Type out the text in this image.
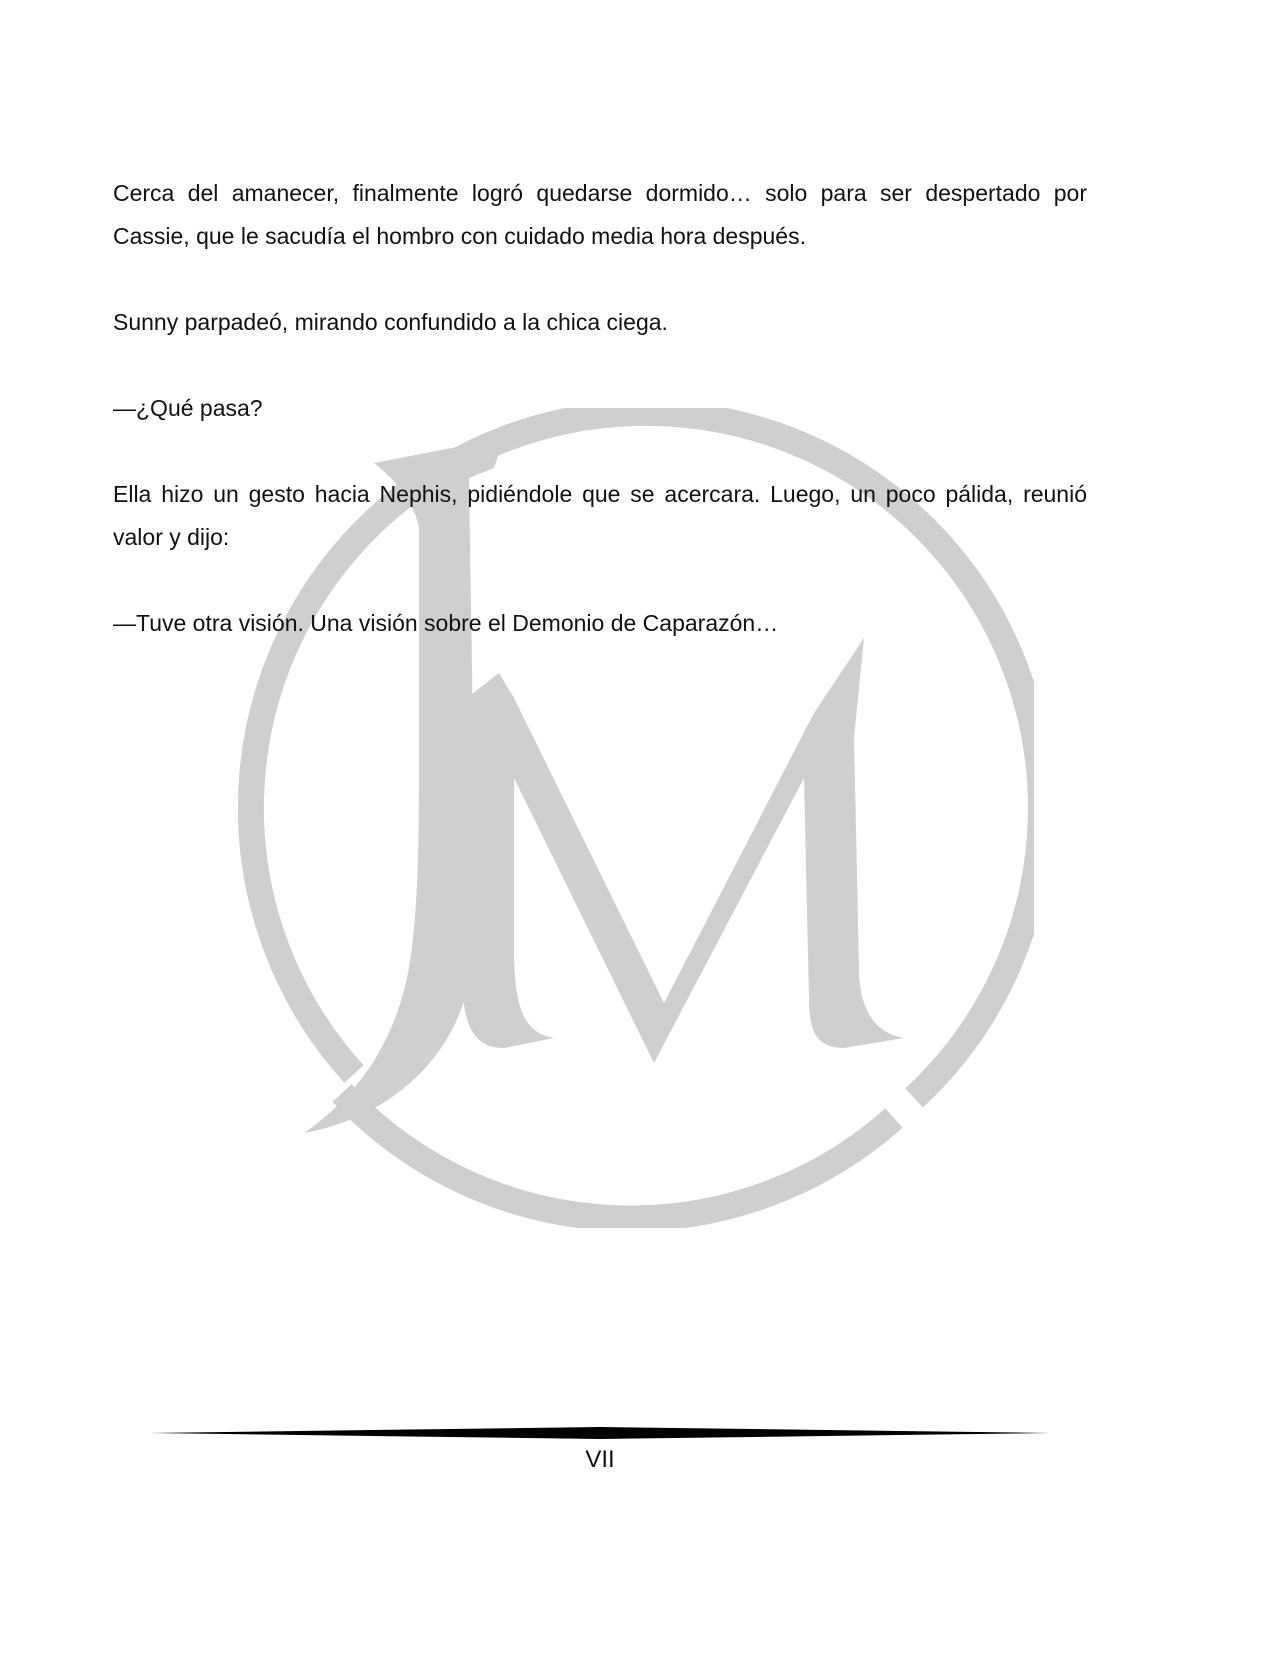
Cerca del amanecer, finalmente logró quedarse dormido… solo para ser despertado por Cassie, que le sacudía el hombro con cuidado media hora después.

Sunny parpadeó, mirando confundido a la chica ciega.

—¿Qué pasa?

Ella hizo un gesto hacia Nephis, pidiéndole que se acercara. Luego, un poco pálida, reunió valor y dijo:

—Tuve otra visión. Una visión sobre el Demonio de Caparazón…

VII
